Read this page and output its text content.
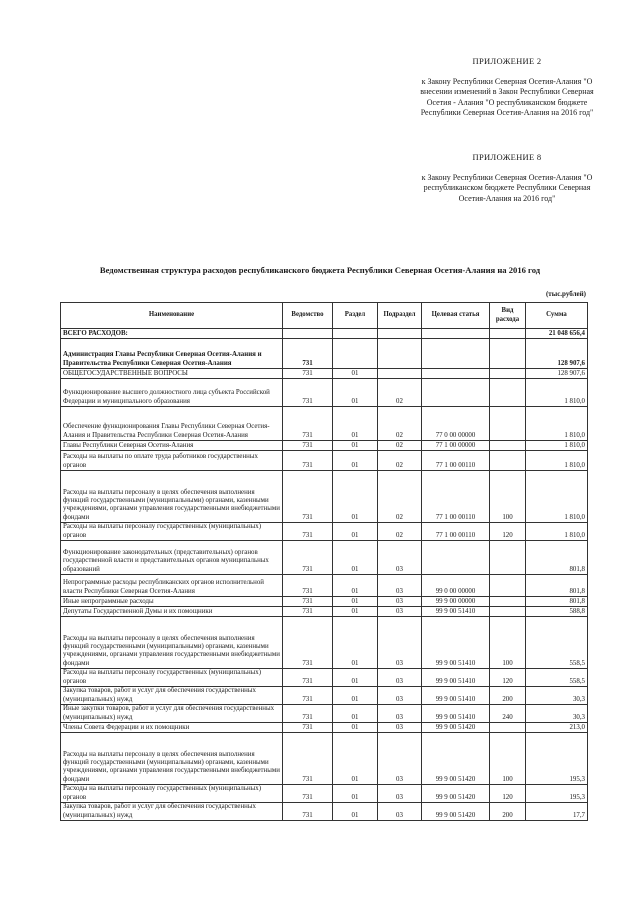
ПРИЛОЖЕНИЕ 2
к Закону Республики Северная Осетия-Алания "О внесении изменений в Закон Республики Северная Осетия - Алания "О республиканском бюджете Республики Северная Осетия-Алания на 2016 год"
ПРИЛОЖЕНИЕ 8
к Закону Республики Северная Осетия-Алания "О республиканском бюджете Республики Северная Осетия-Алания на 2016 год"
Ведомственная структура расходов республиканского бюджета Республики Северная Осетия-Алания на 2016 год
(тыс.рублей)
Наименование	Ведомство	Раздел	Подраздел	Целевая статья	Вид расхода	Сумма
ВСЕГО РАСХОДОВ:						21 048 656,4
Администрация Главы Республики Северная Осетия-Алания и Правительства Республики Северная Осетия-Алания	731					128 907,6
ОБЩЕГОСУДАРСТВЕННЫЕ ВОПРОСЫ	731	01				128 907,6
Функционирование высшего должностного лица субъекта Российской Федерации и муниципального образования	731	01	02			1 810,0
Обеспечение функционирования Главы Республики Северная Осетия-Алания и Правительства Республики Северная Осетия-Алания	731	01	02	77 0 00 00000		1 810,0
Главы Республики Северная Осетия-Алания	731	01	02	77 1 00 00000		1 810,0
Расходы на выплаты по оплате труда работников государственных органов	731	01	02	77 1 00 00110		1 810,0
Расходы на выплаты персоналу в целях обеспечения выполнения функций государственными (муниципальными) органами, казенными учреждениями, органами управления государственными внебюджетными фондами	731	01	02	77 1 00 00110	100	1 810,0
Расходы на выплаты персоналу государственных (муниципальных) органов	731	01	02	77 1 00 00110	120	1 810,0
Функционирование законодательных (представительных) органов государственной власти и представительных органов муниципальных образований	731	01	03			801,8
Непрограммные расходы республиканских органов исполнительной власти Республики Северная Осетия-Алания	731	01	03	99 0 00 00000		801,8
Иные непрограммные расходы	731	01	03	99 9 00 00000		801,8
Депутаты Государственной Думы и их помощники	731	01	03	99 9 00 51410		588,8
Расходы на выплаты персоналу в целях обеспечения выполнения функций государственными (муниципальными) органами, казенными учреждениями, органами управления государственными внебюджетными фондами	731	01	03	99 9 00 51410	100	558,5
Расходы на выплаты персоналу государственных (муниципальных) органов	731	01	03	99 9 00 51410	120	558,5
Закупка товаров, работ и услуг для обеспечения государственных (муниципальных) нужд	731	01	03	99 9 00 51410	200	30,3
Иные закупки товаров, работ и услуг для обеспечения государственных (муниципальных) нужд	731	01	03	99 9 00 51410	240	30,3
Члены Совета Федерации и их помощники	731	01	03	99 9 00 51420		213,0
Расходы на выплаты персоналу в целях обеспечения выполнения функций государственными (муниципальными) органами, казенными учреждениями, органами управления государственными внебюджетными фондами	731	01	03	99 9 00 51420	100	195,3
Расходы на выплаты персоналу государственных (муниципальных) органов	731	01	03	99 9 00 51420	120	195,3
Закупка товаров, работ и услуг для обеспечения государственных (муниципальных) нужд	731	01	03	99 9 00 51420	200	17,7
